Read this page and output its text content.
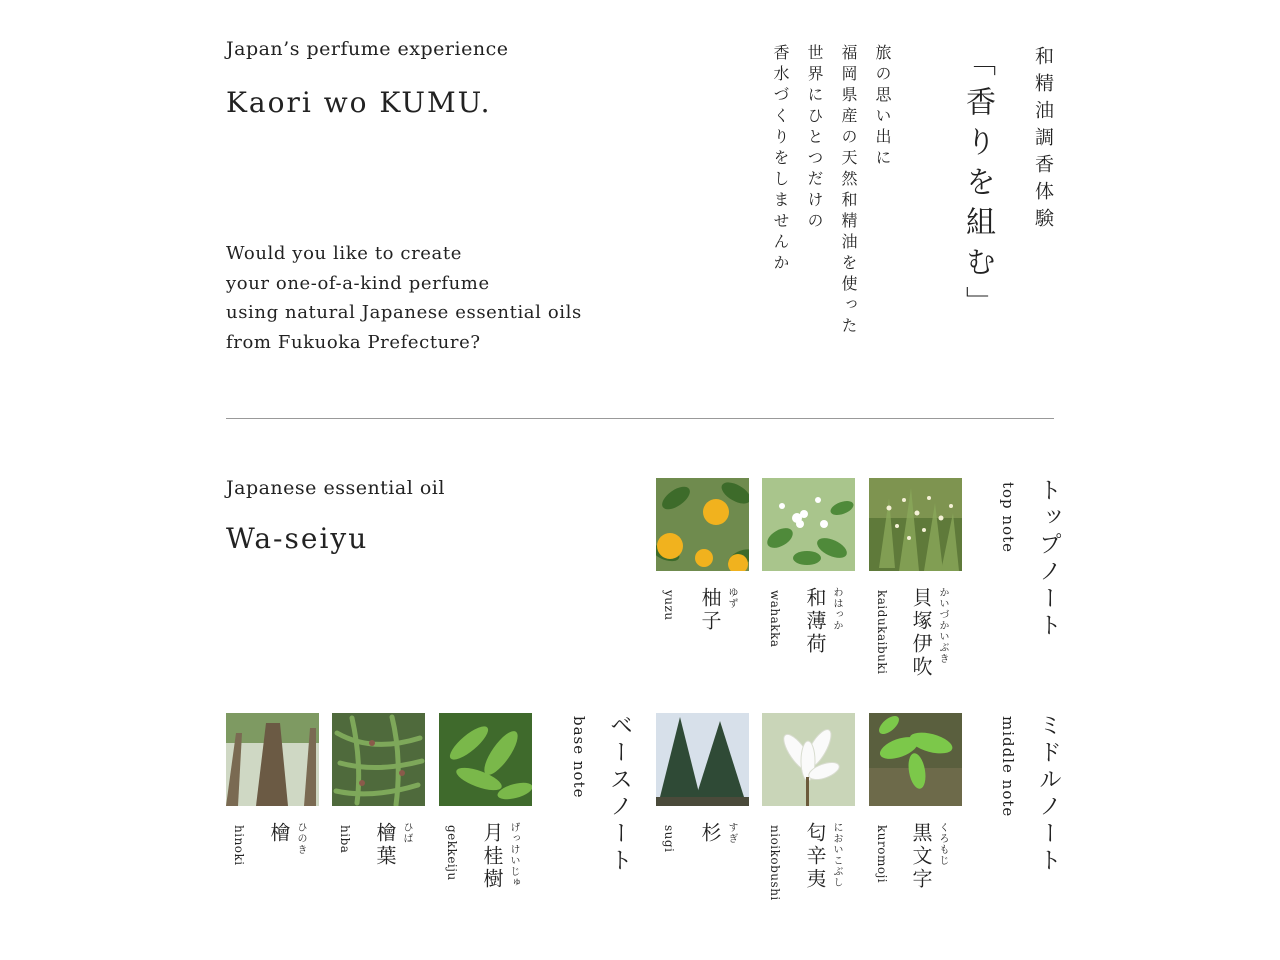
Japan’s perfume experience
Kaori wo KUMU.
Would you like to create
your one-of-a-kind perfume
using natural Japanese essential oils
from Fukuoka Prefecture?
和精油調香体験
「香りを組む」
旅の思い出に
福岡県産の天然和精油を使った
世界にひとつだけの
香水づくりをしませんか
Japanese essential oil
Wa-seiyu	トップノート
top note
貝塚伊吹 かいづかいぶき
kaidukaibuki
和薄荷 わはっか
wahakka
柚子 ゆず
yuzu
ミドルノート
middle note
黒文字 くろもじ
kuromoji
匂辛夷 においこぶし
nioikobushi
杉 すぎ
sugi
ベースノート
base note
月桂樹 げっけいじゅ
gekkeiju
檜葉 ひば
hiba
檜 ひのき
hinoki
